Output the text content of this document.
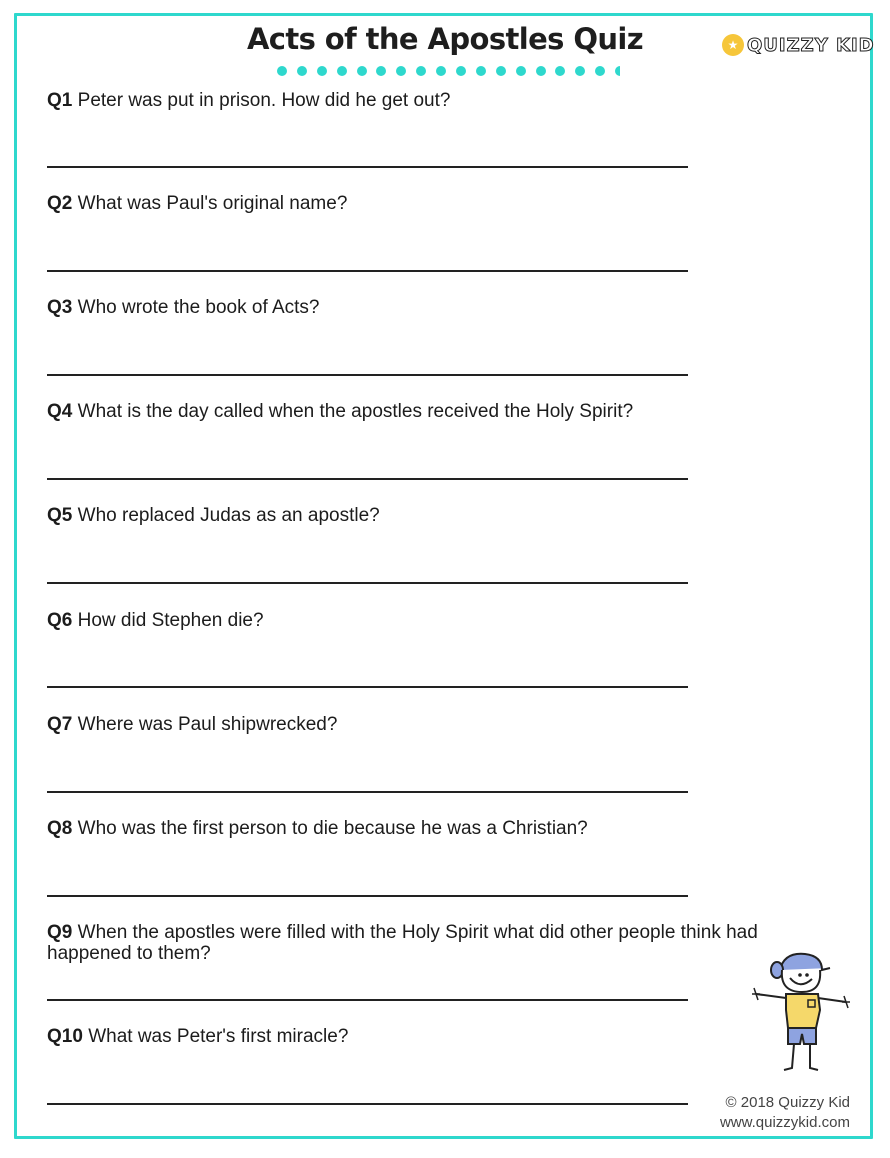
Acts of the Apostles Quiz	★ QUIZZY KID
Q1 Peter was put in prison. How did he get out?
Q2 What was Paul's original name?
Q3 Who wrote the book of Acts?
Q4 What is the day called when the apostles received the Holy Spirit?
Q5 Who replaced Judas as an apostle?
Q6 How did Stephen die?
Q7 Where was Paul shipwrecked?
Q8 Who was the first person to die because he was a Christian?
Q9 When the apostles were filled with the Holy Spirit what did other people think had happened to them?
Q10 What was Peter's first miracle?
© 2018 Quizzy Kid
www.quizzykid.com
